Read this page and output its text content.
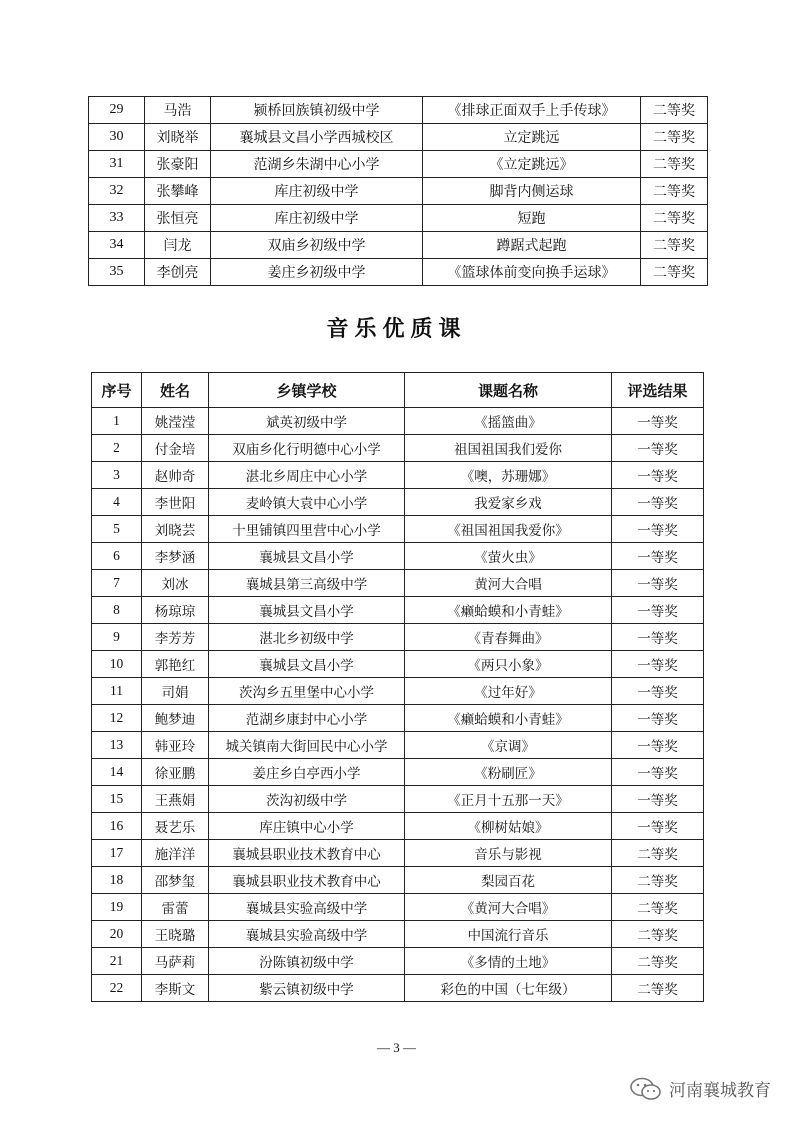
29	马浩	颍桥回族镇初级中学	《排球正面双手上手传球》	二等奖
30	刘晓举	襄城县文昌小学西城校区	立定跳远	二等奖
31	张豪阳	范湖乡朱湖中心小学	《立定跳远》	二等奖
32	张攀峰	库庄初级中学	脚背内侧运球	二等奖
33	张恒亮	库庄初级中学	短跑	二等奖
34	闫龙	双庙乡初级中学	蹲踞式起跑	二等奖
35	李创亮	姜庄乡初级中学	《篮球体前变向换手运球》	二等奖
音乐优质课
序号	姓名	乡镇学校	课题名称	评选结果
1	姚滢滢	斌英初级中学	《摇篮曲》	一等奖
2	付金培	双庙乡化行明德中心小学	祖国祖国我们爱你	一等奖
3	赵帅奇	湛北乡周庄中心小学	《噢，苏珊娜》	一等奖
4	李世阳	麦岭镇大袁中心小学	我爱家乡戏	一等奖
5	刘晓芸	十里铺镇四里营中心小学	《祖国祖国我爱你》	一等奖
6	李梦涵	襄城县文昌小学	《萤火虫》	一等奖
7	刘冰	襄城县第三高级中学	黄河大合唱	一等奖
8	杨琼琼	襄城县文昌小学	《癞蛤蟆和小青蛙》	一等奖
9	李芳芳	湛北乡初级中学	《青春舞曲》	一等奖
10	郭艳红	襄城县文昌小学	《两只小象》	一等奖
11	司娟	茨沟乡五里堡中心小学	《过年好》	一等奖
12	鲍梦迪	范湖乡康封中心小学	《癞蛤蟆和小青蛙》	一等奖
13	韩亚玲	城关镇南大街回民中心小学	《京调》	一等奖
14	徐亚鹏	姜庄乡白亭西小学	《粉刷匠》	一等奖
15	王燕娟	茨沟初级中学	《正月十五那一天》	一等奖
16	聂艺乐	库庄镇中心小学	《柳树姑娘》	一等奖
17	施洋洋	襄城县职业技术教育中心	音乐与影视	二等奖
18	邵梦玺	襄城县职业技术教育中心	梨园百花	二等奖
19	雷蕾	襄城县实验高级中学	《黄河大合唱》	二等奖
20	王晓璐	襄城县实验高级中学	中国流行音乐	二等奖
21	马萨莉	汾陈镇初级中学	《多情的土地》	二等奖
22	李斯文	紫云镇初级中学	彩色的中国（七年级）	二等奖
— 3 —
河南襄城教育
